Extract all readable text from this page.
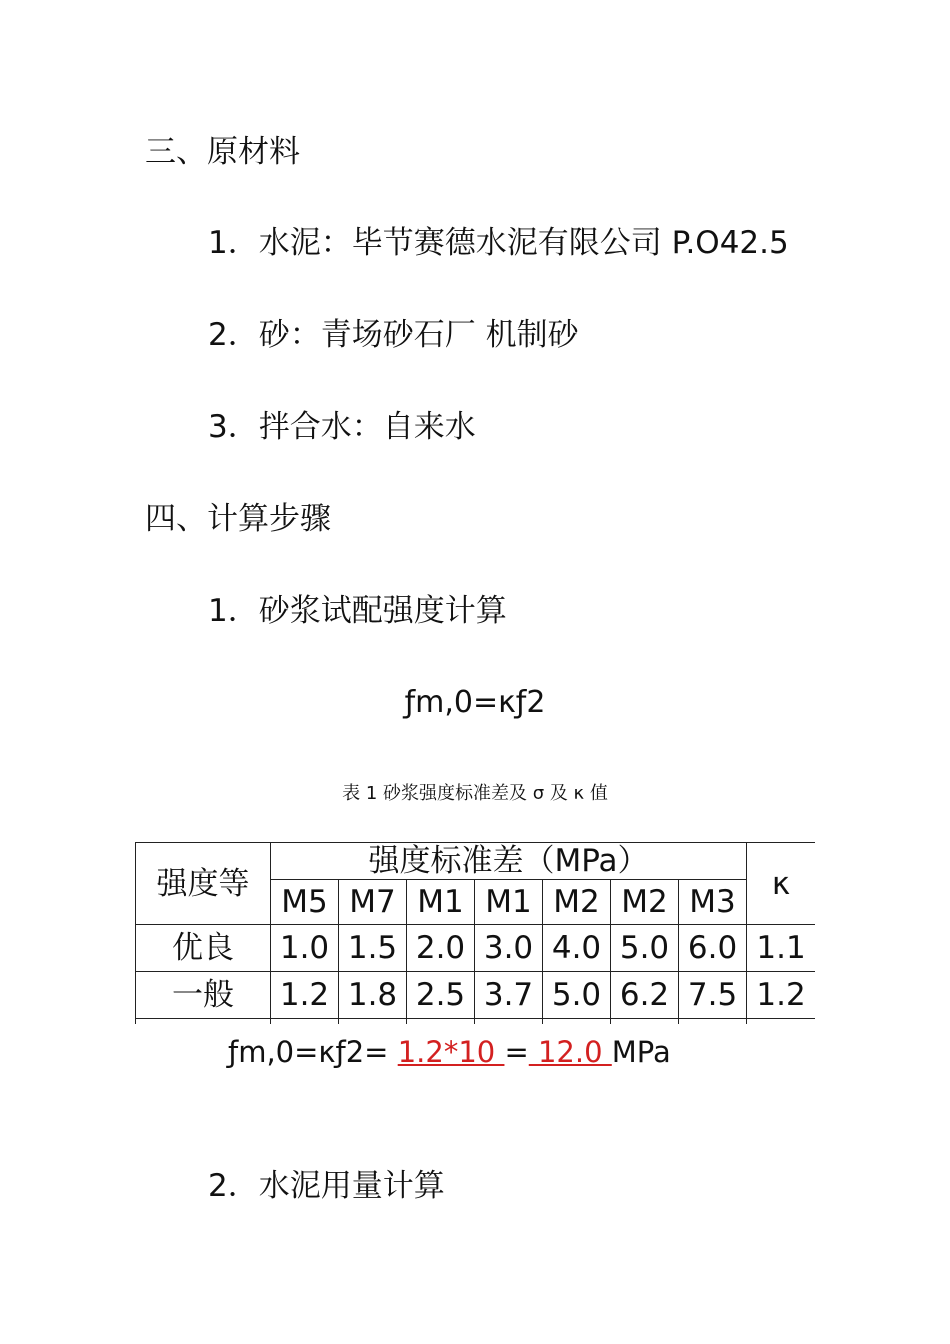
三、原材料
1．水泥：毕节赛德水泥有限公司 P.O42.5
2．砂：青场砂石厂 机制砂
3．拌合水：自来水
四、计算步骤
1．砂浆试配强度计算
ƒm,0=κƒ2
表 1 砂浆强度标准差及 σ 及 κ 值
强度等	强度标准差（MPa）							κ
	M5	M7	M1	M1	M2	M2	M3	
优良	1.0	1.5	2.0	3.0	4.0	5.0	6.0	1.1
一般	1.2	1.8	2.5	3.7	5.0	6.2	7.5	1.2

ƒm,0=κƒ2= 1.2*10 = 12.0 MPa
2．水泥用量计算
